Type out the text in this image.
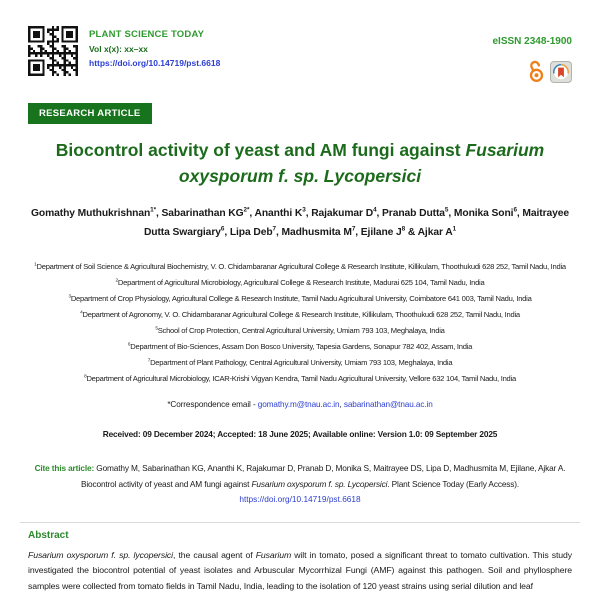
PLANT SCIENCE TODAY
Vol x(x): xx–xx
https://doi.org/10.14719/pst.6618
eISSN 2348-1900
RESEARCH ARTICLE
Biocontrol activity of yeast and AM fungi against Fusarium
oxysporum f. sp. Lycopersici

Gomathy Muthukrishnan$^{1*}$, Sabarinathan $KG^{2*}$, Ananthi $K^3$, Rajakumar $D^4$, Pranab Dutta$^5$, Monika Soni$^6$, Maitrayee Dutta Swargiary$^6$, Lipa Deb$^7$, Madhusmita $M^7$, Ejilane $J^8$ & Ajkar $A^1$

$^1$Department of Soil Science & Agricultural Biochemistry, V. O. Chidambaranar Agricultural College & Research Institute, Killikulam, Thoothukudi 628 252, Tamil Nadu, India

$^2$Department of Agricultural Microbiology, Agricultural College & Research Institute, Madurai 625 104, Tamil Nadu, India

$^3$Department of Crop Physiology, Agricultural College & Research Institute, Tamil Nadu Agricultural University, Coimbatore 641 003, Tamil Nadu, India

$^4$Department of Agronomy, V. O. Chidambaranar Agricultural College & Research Institute, Killikulam, Thoothukudi 628 252, Tamil Nadu, India

$^5$School of Crop Protection, Central Agricultural University, Umiam 793 103, Meghalaya, India

$^6$Department of Bio-Sciences, Assam Don Bosco University, Tapesia Gardens, Sonapur 782 402, Assam, India

$^7$Department of Plant Pathology, Central Agricultural University, Umiam 793 103, Meghalaya, India

$^8$Department of Agricultural Microbiology, ICAR-Krishi Vigyan Kendra, Tamil Nadu Agricultural University, Vellore 632 104, Tamil Nadu, India

*Correspondence email - gomathy.m@tnau.ac.in, sabarinathan@tnau.ac.in

Received: 09 December 2024; Accepted: 18 June 2025; Available online: Version 1.0: 09 September 2025

Cite this article: Gomathy M, Sabarinathan KG, Ananthi K, Rajakumar D, Pranab D, Monika S, Maitrayee DS, Lipa D, Madhusmita M, Ejilane, Ajkar A. Biocontrol activity of yeast and AM fungi against Fusarium oxysporum f. sp. Lycopersici. Plant Science Today (Early Access).

https://doi.org/10.14719/pst.6618
Abstract

Fusarium oxysporum f. sp. lycopersici, the causal agent of Fusarium wilt in tomato, posed a significant threat to tomato cultivation. This study investigated the biocontrol potential of yeast isolates and Arbuscular Mycorrhizal Fungi (AMF) against this pathogen. Soil and phyllosphere samples were collected from tomato fields in Tamil Nadu, India, leading to the isolation of 120 yeast strains using serial dilution and leaf
